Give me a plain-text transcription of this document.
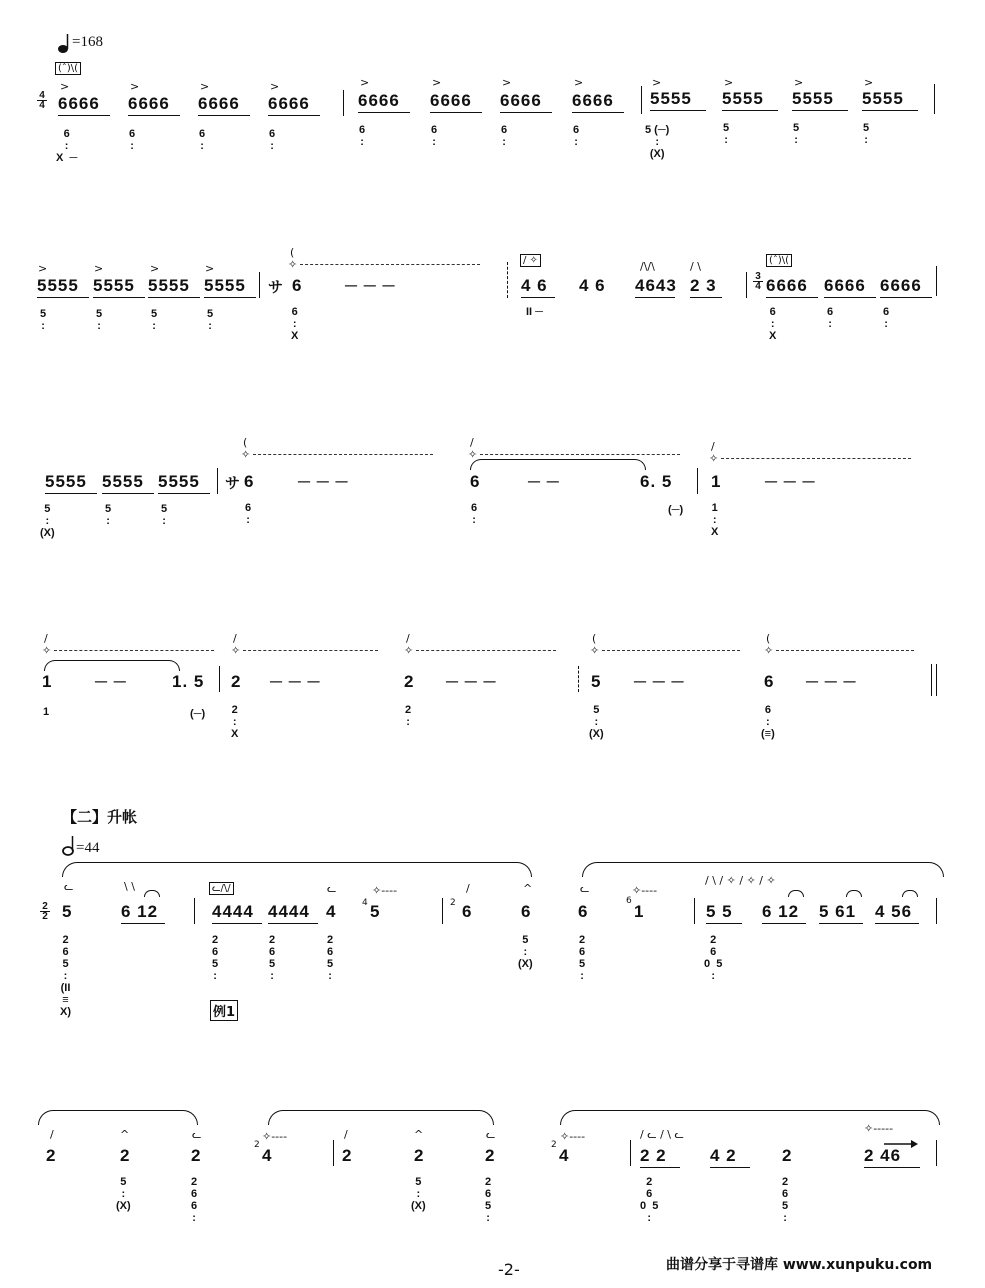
=168
(ˆ)\(
4
4
>	>	>	>	>	>	>	>	>	>	>	>
6666 6666 6666 6666	6666 6666 6666 6666 5555 5555 5555 5555
6
:
X  ─
6
:
6
:
6
:
6
:
6
:
6
:
6
:
5 (─)
:
(X)
5
:
5
:
5
:
>	>	>	>
5555 5555 5555 5555
5
:
5
:
5
:
5
:
サ
(
✧
6	─ ─ ─
6
:
X
/ ✧	/\/\	/ \
4 6 4 6 4643 2 3
II ─
(ˆ)\(
3
4 6666 6666 6666
6
:
X
6
:
6
:
5555 5555 5555
5
:
(X)
5
:
5
:
サ
(
✧
6	─ ─ ─
6
:
/
✧
6	─ ─	6. 5
6
:
(─)
/
✧
1	─ ─ ─
1
:
X
/
✧
1	─ ─	1. 5
1	(─)
/
✧
2 ─ ─ ─
2
:
X
/
✧
2 ─ ─ ─
2
:
(
✧
5 ─ ─ ─
5
:
(X)
(
✧
6 ─ ─ ─
6
:
(≡)
【二】升帐
=44
2
2
ᓚ	\ \	ᓚ/\/	ᓚ	✧----	/	^	ᓚ	✧----
/ \ / ✧ / ✧ / ✧
5	6 12	4444 4444 4	4 5	2 6	6	6
6
1	5 5 6 12 5 61 4 56
2
6
5
:
(II
≡
X)
2
6
5
:
2
6
5
:
2
6
5
:
5
:
(X)
2
6
5
:
2
6
0  5
:
例1
/	^	ᓚ	✧----	/	^	ᓚ	✧----	/ ᓚ / \ ᓚ	✧-----
2	2	2
2
4	2	2	2
2
4	2 2	4 2	2	2 46
5
:
(X)
2
6
6
:
5
:
(X)
2
6
5
:
2
6
0  5
:
2
6
5
:
-2-	曲谱分享于寻谱库 www.xunpuku.com
